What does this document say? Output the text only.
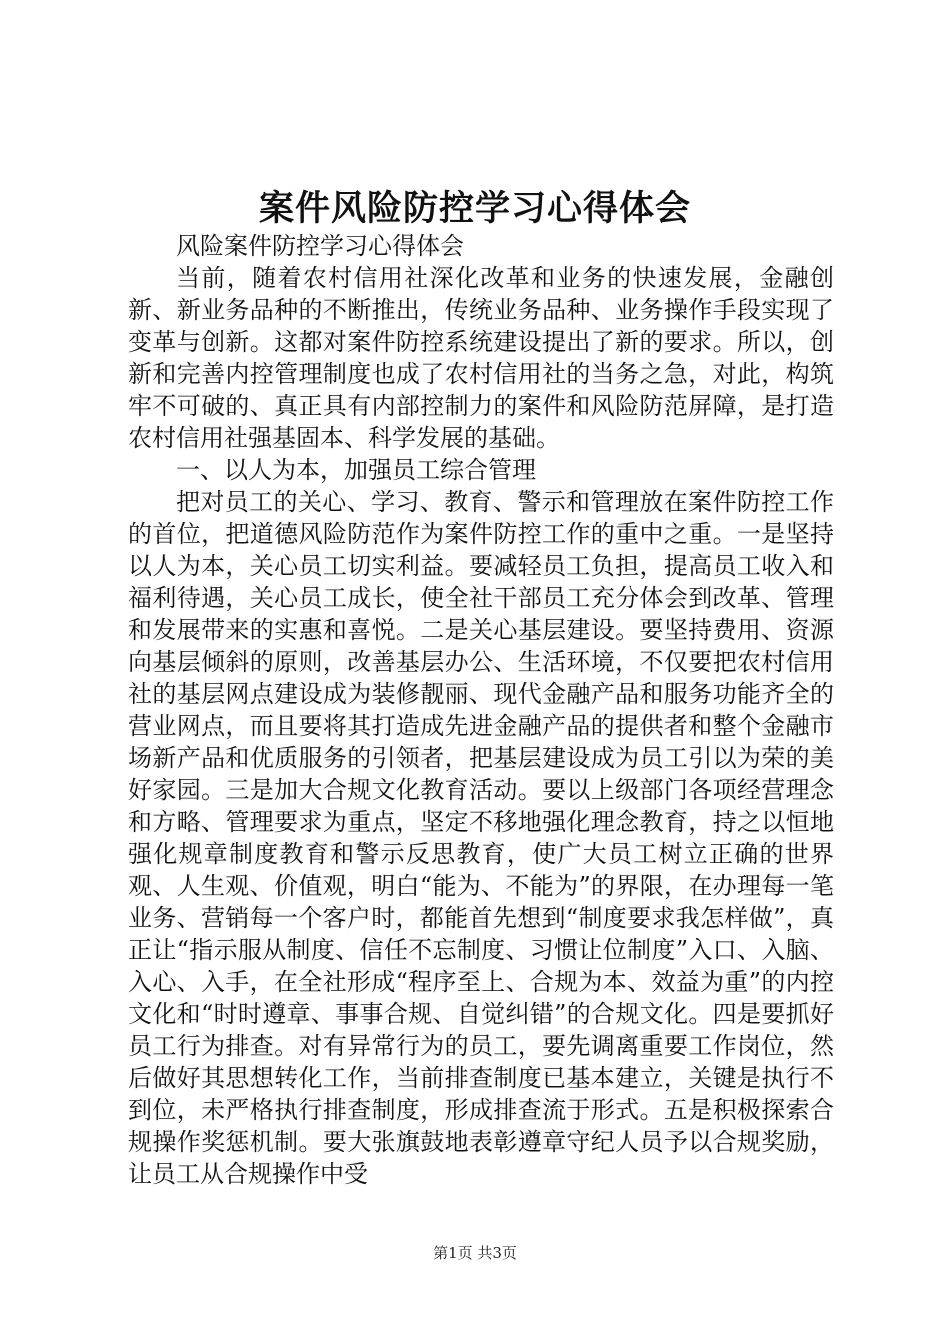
案件风险防控学习心得体会

风险案件防控学习心得体会

当前，随着农村信用社深化改革和业务的快速发展，金融创新、新业务品种的不断推出，传统业务品种、业务操作手段实现了变革与创新。这都对案件防控系统建设提出了新的要求。所以，创新和完善内控管理制度也成了农村信用社的当务之急，对此，构筑牢不可破的、真正具有内部控制力的案件和风险防范屏障，是打造农村信用社强基固本、科学发展的基础。

一、以人为本，加强员工综合管理

把对员工的关心、学习、教育、警示和管理放在案件防控工作的首位，把道德风险防范作为案件防控工作的重中之重。一是坚持以人为本，关心员工切实利益。要减轻员工负担，提高员工收入和福利待遇，关心员工成长，使全社干部员工充分体会到改革、管理和发展带来的实惠和喜悦。二是关心基层建设。要坚持费用、资源向基层倾斜的原则，改善基层办公、生活环境，不仅要把农村信用社的基层网点建设成为装修靓丽、现代金融产品和服务功能齐全的营业网点，而且要将其打造成先进金融产品的提供者和整个金融市场新产品和优质服务的引领者，把基层建设成为员工引以为荣的美好家园。三是加大合规文化教育活动。要以上级部门各项经营理念和方略、管理要求为重点，坚定不移地强化理念教育，持之以恒地强化规章制度教育和警示反思教育，使广大员工树立正确的世界观、人生观、价值观，明白“能为、不能为”的界限，在办理每一笔业务、营销每一个客户时，都能首先想到“制度要求我怎样做”，真正让“指示服从制度、信任不忘制度、习惯让位制度”入口、入脑、入心、入手，在全社形成“程序至上、合规为本、效益为重”的内控文化和“时时遵章、事事合规、自觉纠错”的合规文化。四是要抓好员工行为排查。对有异常行为的员工，要先调离重要工作岗位，然后做好其思想转化工作，当前排查制度已基本建立，关键是执行不到位，未严格执行排查制度，形成排查流于形式。五是积极探索合规操作奖惩机制。要大张旗鼓地表彰遵章守纪人员予以合规奖励，让员工从合规操作中受

第1页 共3页
